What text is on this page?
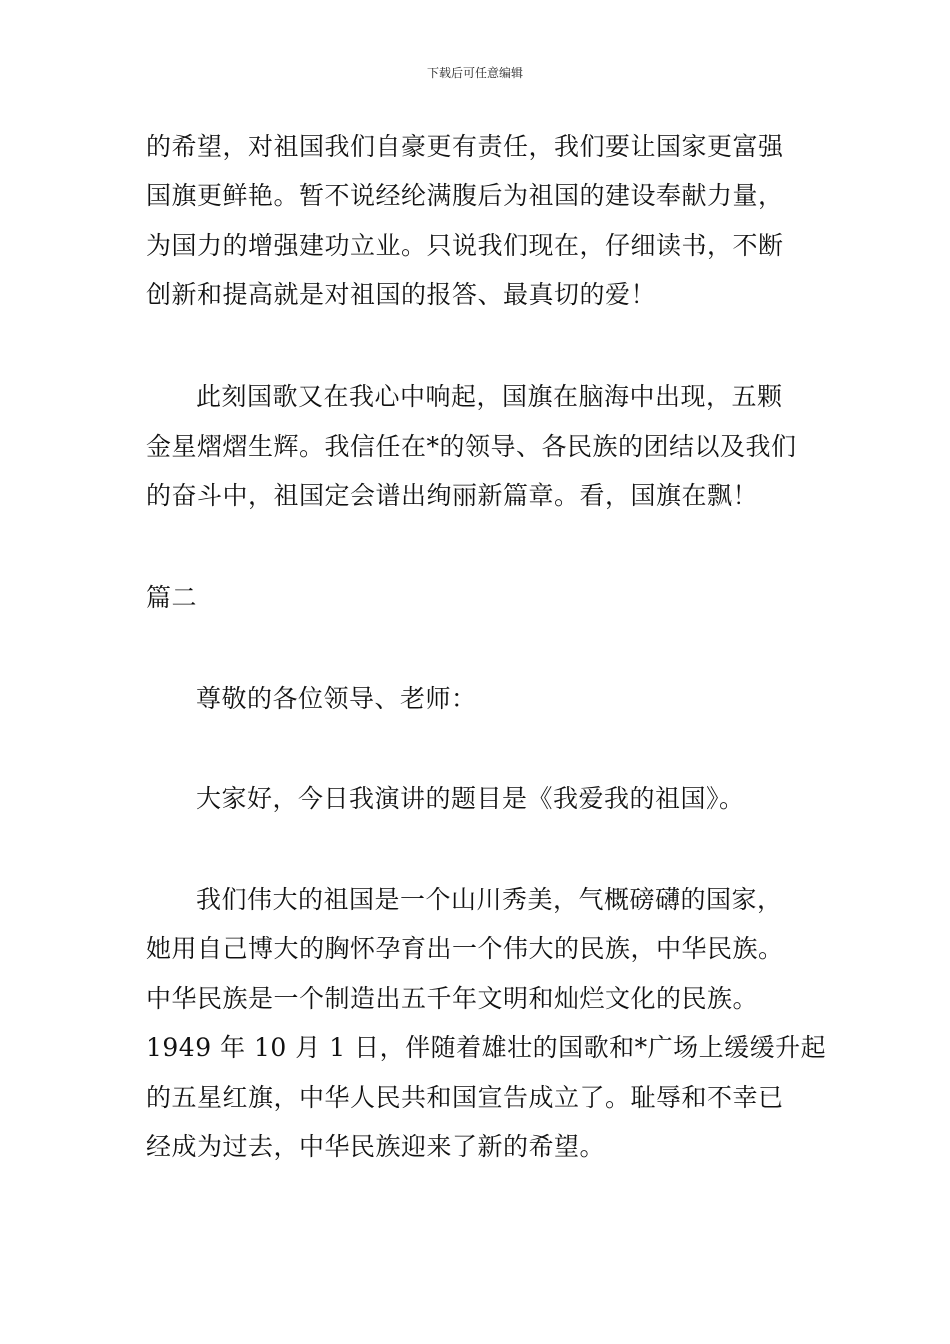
下载后可任意编辑
的希望，对祖国我们自豪更有责任，我们要让国家更富强
国旗更鲜艳。暂不说经纶满腹后为祖国的建设奉献力量，
为国力的增强建功立业。只说我们现在，仔细读书，不断
创新和提高就是对祖国的报答、最真切的爱！
此刻国歌又在我心中响起，国旗在脑海中出现，五颗
金星熠熠生辉。我信任在*的领导、各民族的团结以及我们
的奋斗中，祖国定会谱出绚丽新篇章。看，国旗在飘！
篇二
尊敬的各位领导、老师：
大家好，今日我演讲的题目是《我爱我的祖国》。
我们伟大的祖国是一个山川秀美，气概磅礴的国家，
她用自己博大的胸怀孕育出一个伟大的民族，中华民族。
中华民族是一个制造出五千年文明和灿烂文化的民族。
1949 年 10 月 1 日，伴随着雄壮的国歌和*广场上缓缓升起
的五星红旗，中华人民共和国宣告成立了。耻辱和不幸已
经成为过去，中华民族迎来了新的希望。
